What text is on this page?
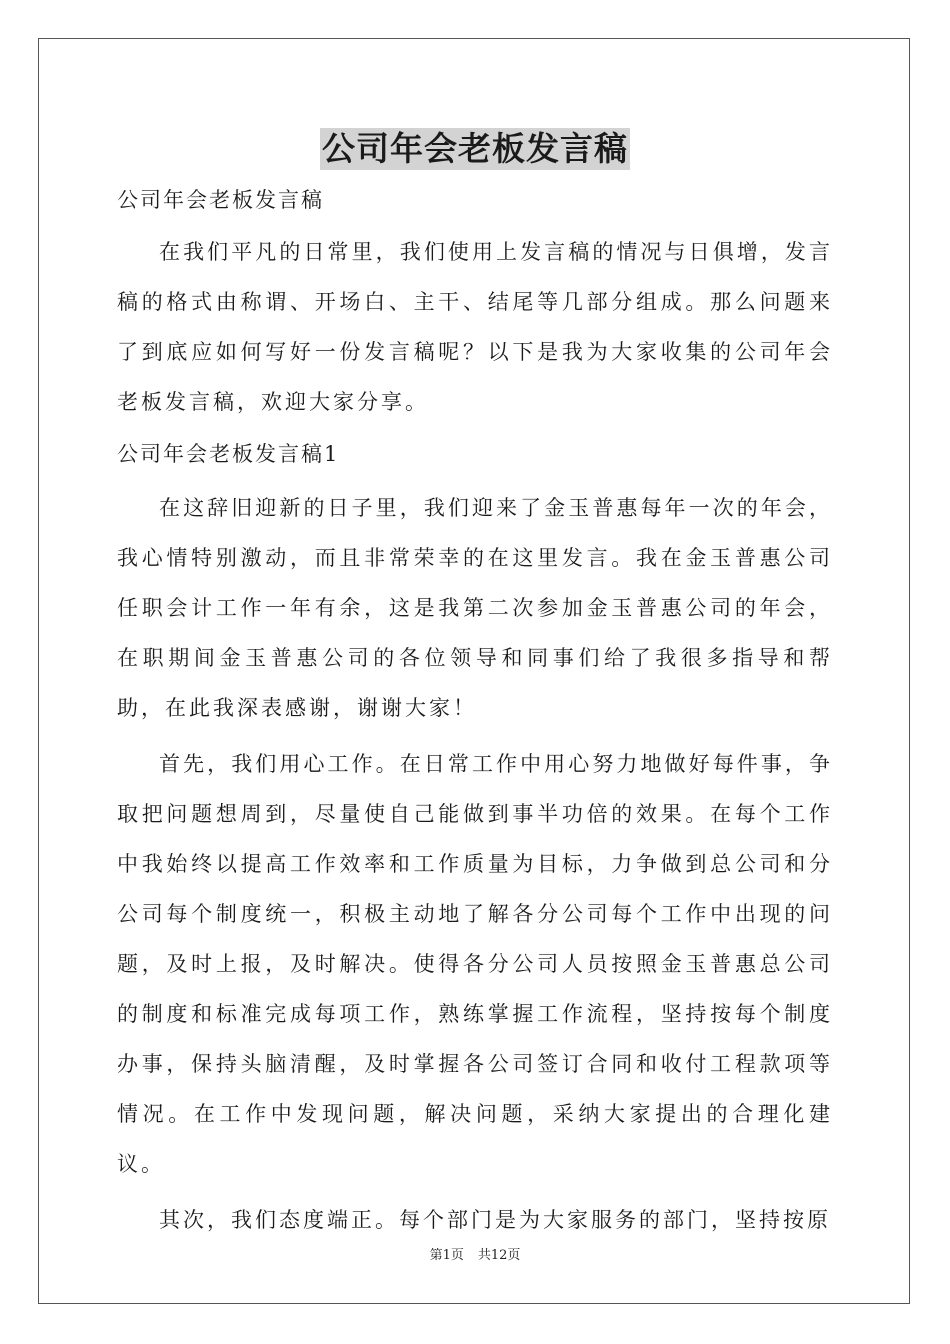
公司年会老板发言稿

公司年会老板发言稿

在我们平凡的日常里，我们使用上发言稿的情况与日俱增，发言稿的格式由称谓、开场白、主干、结尾等几部分组成。那么问题来了到底应如何写好一份发言稿呢？以下是我为大家收集的公司年会老板发言稿，欢迎大家分享。

公司年会老板发言稿1

在这辞旧迎新的日子里，我们迎来了金玉普惠每年一次的年会，我心情特别激动，而且非常荣幸的在这里发言。我在金玉普惠公司任职会计工作一年有余，这是我第二次参加金玉普惠公司的年会，在职期间金玉普惠公司的各位领导和同事们给了我很多指导和帮助，在此我深表感谢，谢谢大家！

首先，我们用心工作。在日常工作中用心努力地做好每件事，争取把问题想周到，尽量使自己能做到事半功倍的效果。在每个工作中我始终以提高工作效率和工作质量为目标，力争做到总公司和分公司每个制度统一，积极主动地了解各分公司每个工作中出现的问题，及时上报，及时解决。使得各分公司人员按照金玉普惠总公司的制度和标准完成每项工作，熟练掌握工作流程，坚持按每个制度办事，保持头脑清醒，及时掌握各公司签订合同和收付工程款项等情况。在工作中发现问题，解决问题，采纳大家提出的合理化建议。

其次，我们态度端正。每个部门是为大家服务的部门，坚持按原

第1页 共12页
